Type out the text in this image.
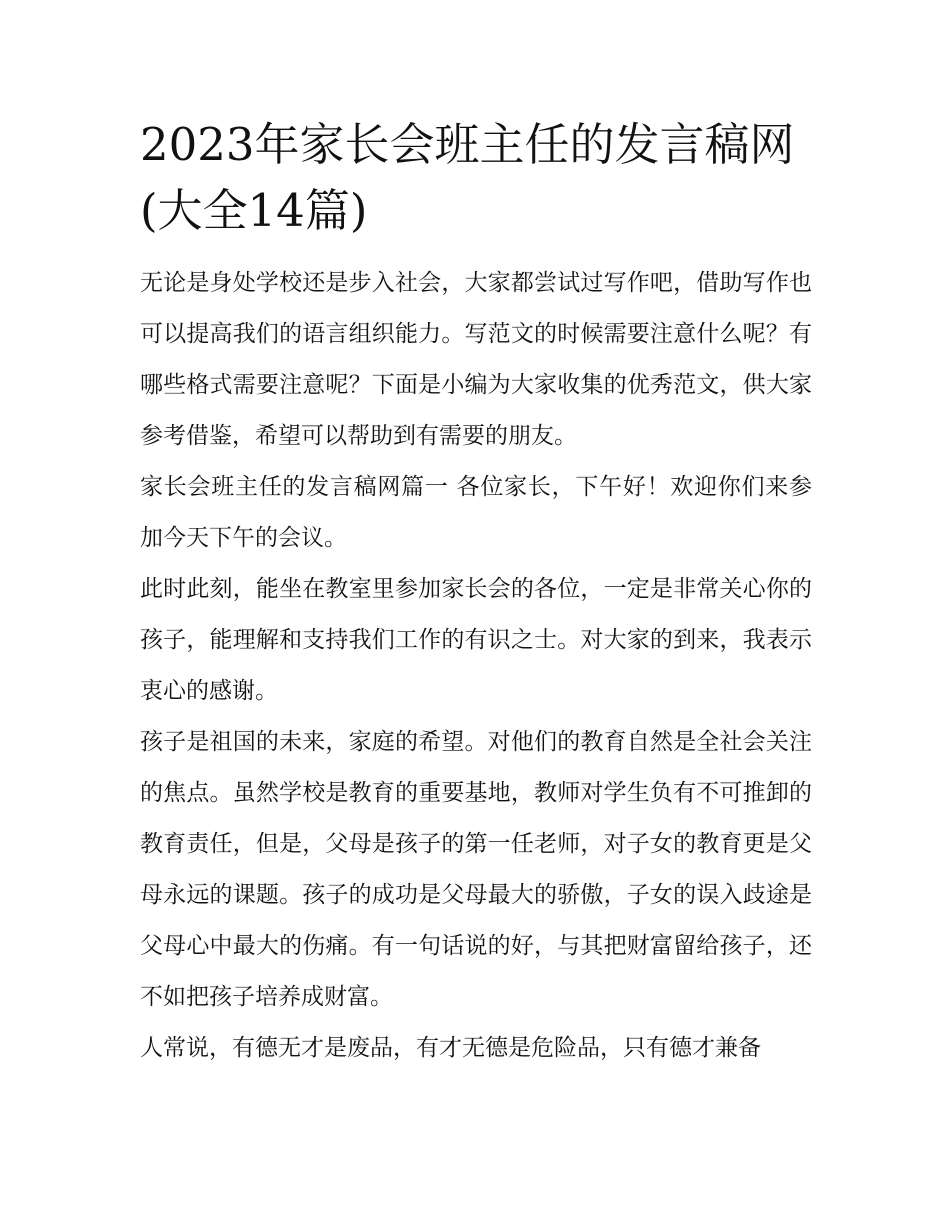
2023年家长会班主任的发言稿网(大全14篇)

无论是身处学校还是步入社会，大家都尝试过写作吧，借助写作也可以提高我们的语言组织能力。写范文的时候需要注意什么呢？有哪些格式需要注意呢？下面是小编为大家收集的优秀范文，供大家参考借鉴，希望可以帮助到有需要的朋友。

家长会班主任的发言稿网篇一 各位家长，下午好！欢迎你们来参加今天下午的会议。

此时此刻，能坐在教室里参加家长会的各位，一定是非常关心你的孩子，能理解和支持我们工作的有识之士。对大家的到来，我表示衷心的感谢。

孩子是祖国的未来，家庭的希望。对他们的教育自然是全社会关注的焦点。虽然学校是教育的重要基地，教师对学生负有不可推卸的教育责任，但是，父母是孩子的第一任老师，对子女的教育更是父母永远的课题。孩子的成功是父母最大的骄傲，子女的误入歧途是父母心中最大的伤痛。有一句话说的好，与其把财富留给孩子，还不如把孩子培养成财富。

人常说，有德无才是废品，有才无德是危险品，只有德才兼备
